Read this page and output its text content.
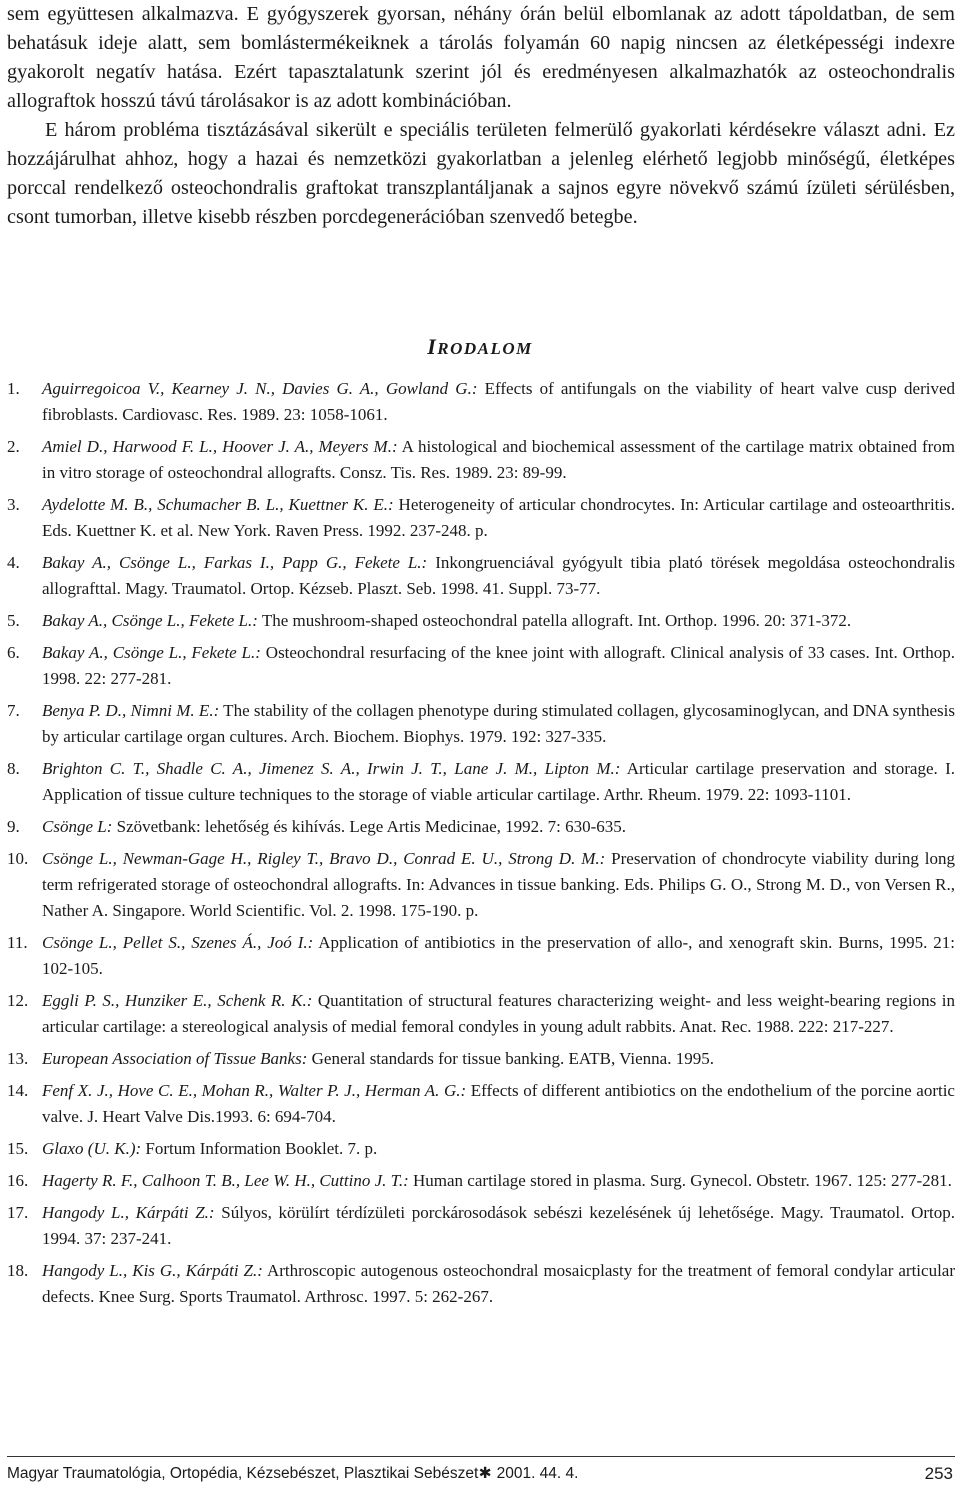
sem együttesen alkalmazva. E gyógyszerek gyorsan, néhány órán belül elbomlanak az adott tápoldatban, de sem behatásuk ideje alatt, sem bomlástermékeiknek a tárolás folyamán 60 napig nincsen az életképességi indexre gyakorolt negatív hatása. Ezért tapasztalatunk szerint jól és eredményesen alkalmazhatók az osteochondralis allograftok hosszú távú tárolásakor is az adott kombinációban.

E három probléma tisztázásával sikerült e speciális területen felmerülő gyakorlati kérdésekre választ adni. Ez hozzájárulhat ahhoz, hogy a hazai és nemzetközi gyakorlatban a jelenleg elérhető legjobb minőségű, életképes porccal rendelkező osteochondralis graftokat transzplantáljanak a sajnos egyre növekvő számú ízületi sérülésben, csont tumorban, illetve kisebb részben porcdegenerációban szenvedő betegbe.

IRODALOM
1. Aguirregoicoa V., Kearney J. N., Davies G. A., Gowland G.: Effects of antifungals on the viability of heart valve cusp derived fibroblasts. Cardiovasc. Res. 1989. 23: 1058-1061.
2. Amiel D., Harwood F. L., Hoover J. A., Meyers M.: A histological and biochemical assessment of the cartilage matrix obtained from in vitro storage of osteochondral allografts. Consz. Tis. Res. 1989. 23: 89-99.
3. Aydelotte M. B., Schumacher B. L., Kuettner K. E.: Heterogeneity of articular chondrocytes. In: Articular cartilage and osteoarthritis. Eds. Kuettner K. et al. New York. Raven Press. 1992. 237-248. p.
4. Bakay A., Csönge L., Farkas I., Papp G., Fekete L.: Inkongruenciával gyógyult tibia plató törések megoldása osteochondralis allografttal. Magy. Traumatol. Ortop. Kézseb. Plaszt. Seb. 1998. 41. Suppl. 73-77.
5. Bakay A., Csönge L., Fekete L.: The mushroom-shaped osteochondral patella allograft. Int. Orthop. 1996. 20: 371-372.
6. Bakay A., Csönge L., Fekete L.: Osteochondral resurfacing of the knee joint with allograft. Clinical analysis of 33 cases. Int. Orthop. 1998. 22: 277-281.
7. Benya P. D., Nimni M. E.: The stability of the collagen phenotype during stimulated collagen, glycosaminoglycan, and DNA synthesis by articular cartilage organ cultures. Arch. Biochem. Biophys. 1979. 192: 327-335.
8. Brighton C. T., Shadle C. A., Jimenez S. A., Irwin J. T., Lane J. M., Lipton M.: Articular cartilage preservation and storage. I. Application of tissue culture techniques to the storage of viable articular cartilage. Arthr. Rheum. 1979. 22: 1093-1101.
9. Csönge L: Szövetbank: lehetőség és kihívás. Lege Artis Medicinae, 1992. 7: 630-635.
10. Csönge L., Newman-Gage H., Rigley T., Bravo D., Conrad E. U., Strong D. M.: Preservation of chondrocyte viability during long term refrigerated storage of osteochondral allografts. In: Advances in tissue banking. Eds. Philips G. O., Strong M. D., von Versen R., Nather A. Singapore. World Scientific. Vol. 2. 1998. 175-190. p.
11. Csönge L., Pellet S., Szenes Á., Joó I.: Application of antibiotics in the preservation of allo-, and xenograft skin. Burns, 1995. 21: 102-105.
12. Eggli P. S., Hunziker E., Schenk R. K.: Quantitation of structural features characterizing weight- and less weight-bearing regions in articular cartilage: a stereological analysis of medial femoral condyles in young adult rabbits. Anat. Rec. 1988. 222: 217-227.
13. European Association of Tissue Banks: General standards for tissue banking. EATB, Vienna. 1995.
14. Fenf X. J., Hove C. E., Mohan R., Walter P. J., Herman A. G.: Effects of different antibiotics on the endothelium of the porcine aortic valve. J. Heart Valve Dis.1993. 6: 694-704.
15. Glaxo (U. K.): Fortum Information Booklet. 7. p.
16. Hagerty R. F., Calhoon T. B., Lee W. H., Cuttino J. T.: Human cartilage stored in plasma. Surg. Gynecol. Obstetr. 1967. 125: 277-281.
17. Hangody L., Kárpáti Z.: Súlyos, körülírt térdízületi porckárosodások sebészi kezelésének új lehetősége. Magy. Traumatol. Ortop. 1994. 37: 237-241.
18. Hangody L., Kis G., Kárpáti Z.: Arthroscopic autogenous osteochondral mosaicplasty for the treatment of femoral condylar articular defects. Knee Surg. Sports Traumatol. Arthrosc. 1997. 5: 262-267.
Magyar Traumatológia, Ortopédia, Kézsebészet, Plasztikai Sebészet✱ 2001. 44. 4.	253
